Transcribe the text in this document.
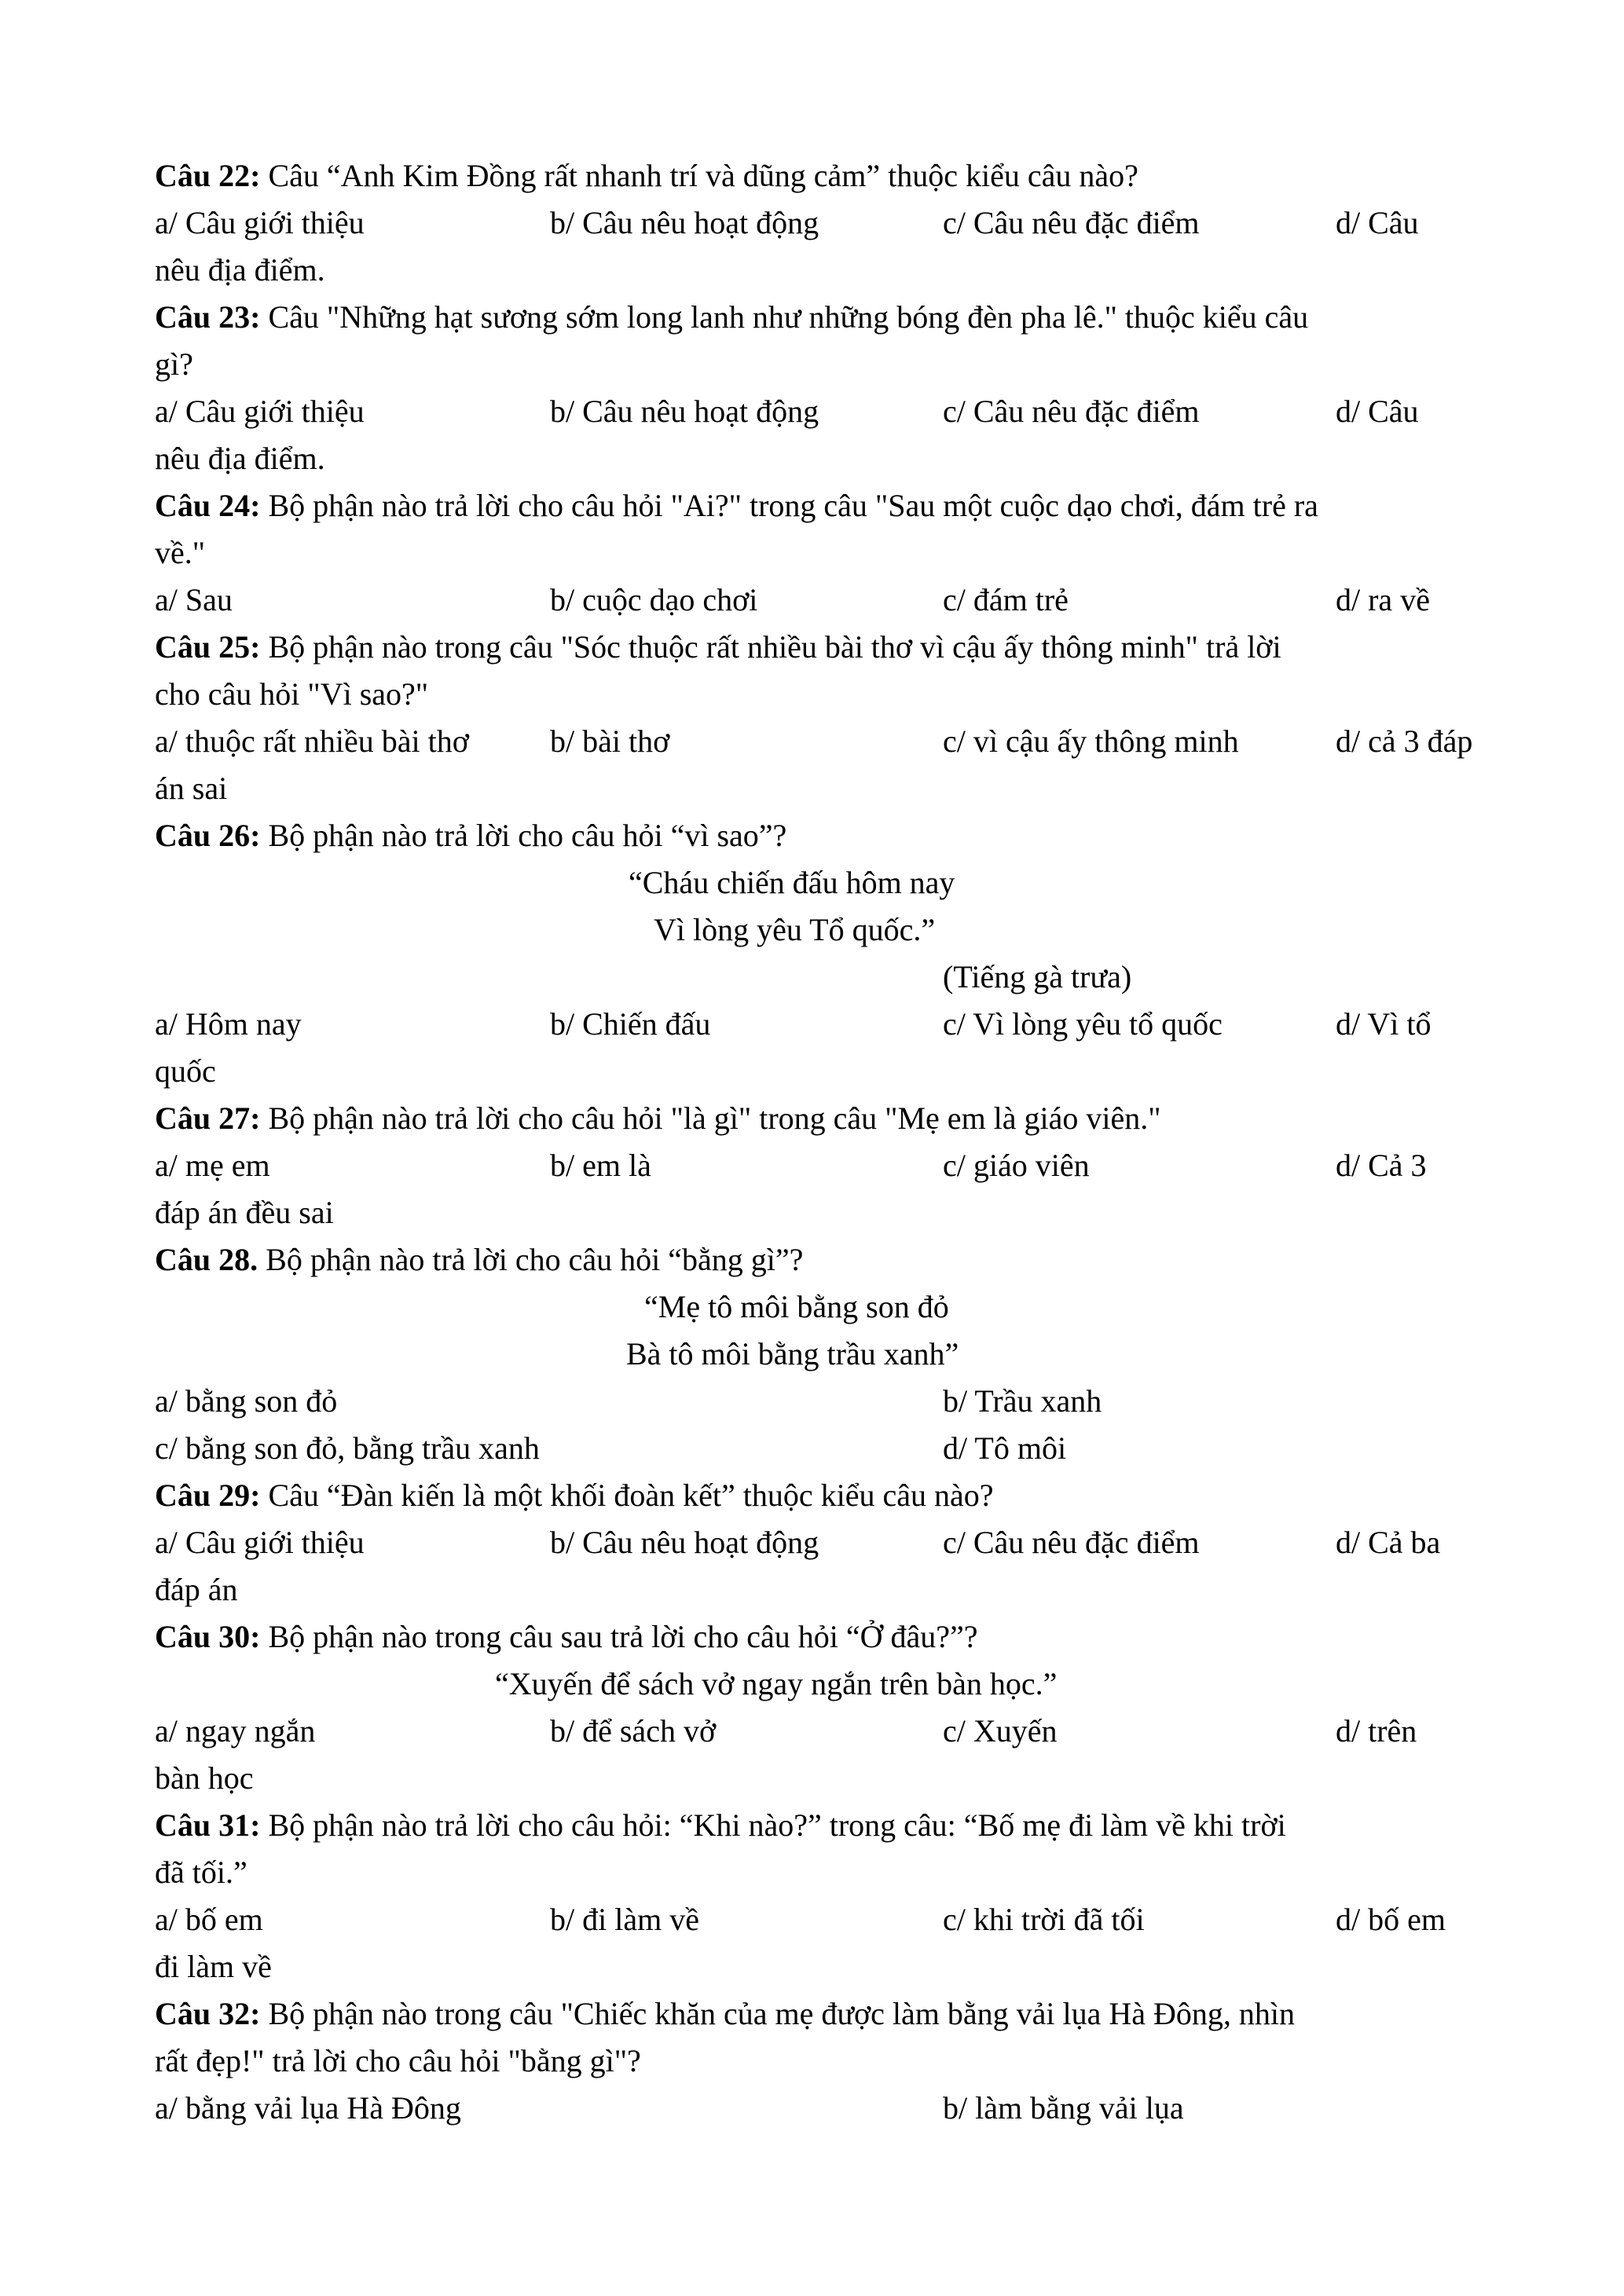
Câu 22: Câu “Anh Kim Đồng rất nhanh trí và dũng cảm” thuộc kiểu câu nào?
a/ Câu giới thiệu	b/ Câu nêu hoạt động	c/ Câu nêu đặc điểm	d/ Câu
nêu địa điểm.
Câu 23: Câu "Những hạt sương sớm long lanh như những bóng đèn pha lê." thuộc kiểu câu
gì?
a/ Câu giới thiệu	b/ Câu nêu hoạt động	c/ Câu nêu đặc điểm	d/ Câu
nêu địa điểm.
Câu 24: Bộ phận nào trả lời cho câu hỏi "Ai?" trong câu "Sau một cuộc dạo chơi, đám trẻ ra
về."
a/ Sau	b/ cuộc dạo chơi	c/ đám trẻ	d/ ra về
Câu 25: Bộ phận nào trong câu "Sóc thuộc rất nhiều bài thơ vì cậu ấy thông minh" trả lời
cho câu hỏi "Vì sao?"
a/ thuộc rất nhiều bài thơ	b/ bài thơ	c/ vì cậu ấy thông minh	d/ cả 3 đáp
án sai
Câu 26: Bộ phận nào trả lời cho câu hỏi “vì sao”?
“Cháu chiến đấu hôm nay
Vì lòng yêu Tổ quốc.”
(Tiếng gà trưa)
a/ Hôm nay	b/ Chiến đấu	c/ Vì lòng yêu tổ quốc	d/ Vì tổ
quốc
Câu 27: Bộ phận nào trả lời cho câu hỏi "là gì" trong câu "Mẹ em là giáo viên."
a/ mẹ em	b/ em là	c/ giáo viên	d/ Cả 3
đáp án đều sai
Câu 28. Bộ phận nào trả lời cho câu hỏi “bằng gì”?
“Mẹ tô môi bằng son đỏ
Bà tô môi bằng trầu xanh”
a/ bằng son đỏ	b/ Trầu xanh
c/ bằng son đỏ, bằng trầu xanh	d/ Tô môi
Câu 29: Câu “Đàn kiến là một khối đoàn kết” thuộc kiểu câu nào?
a/ Câu giới thiệu	b/ Câu nêu hoạt động	c/ Câu nêu đặc điểm	d/ Cả ba
đáp án
Câu 30: Bộ phận nào trong câu sau trả lời cho câu hỏi “Ở đâu?”?
“Xuyến để sách vở ngay ngắn trên bàn học.”
a/ ngay ngắn	b/ để sách vở	c/ Xuyến	d/ trên
bàn học
Câu 31: Bộ phận nào trả lời cho câu hỏi: “Khi nào?” trong câu: “Bố mẹ đi làm về khi trời
đã tối.”
a/ bố em	b/ đi làm về	c/ khi trời đã tối	d/ bố em
đi làm về
Câu 32: Bộ phận nào trong câu "Chiếc khăn của mẹ được làm bằng vải lụa Hà Đông, nhìn
rất đẹp!" trả lời cho câu hỏi "bằng gì"?
a/ bằng vải lụa Hà Đông	b/ làm bằng vải lụa
